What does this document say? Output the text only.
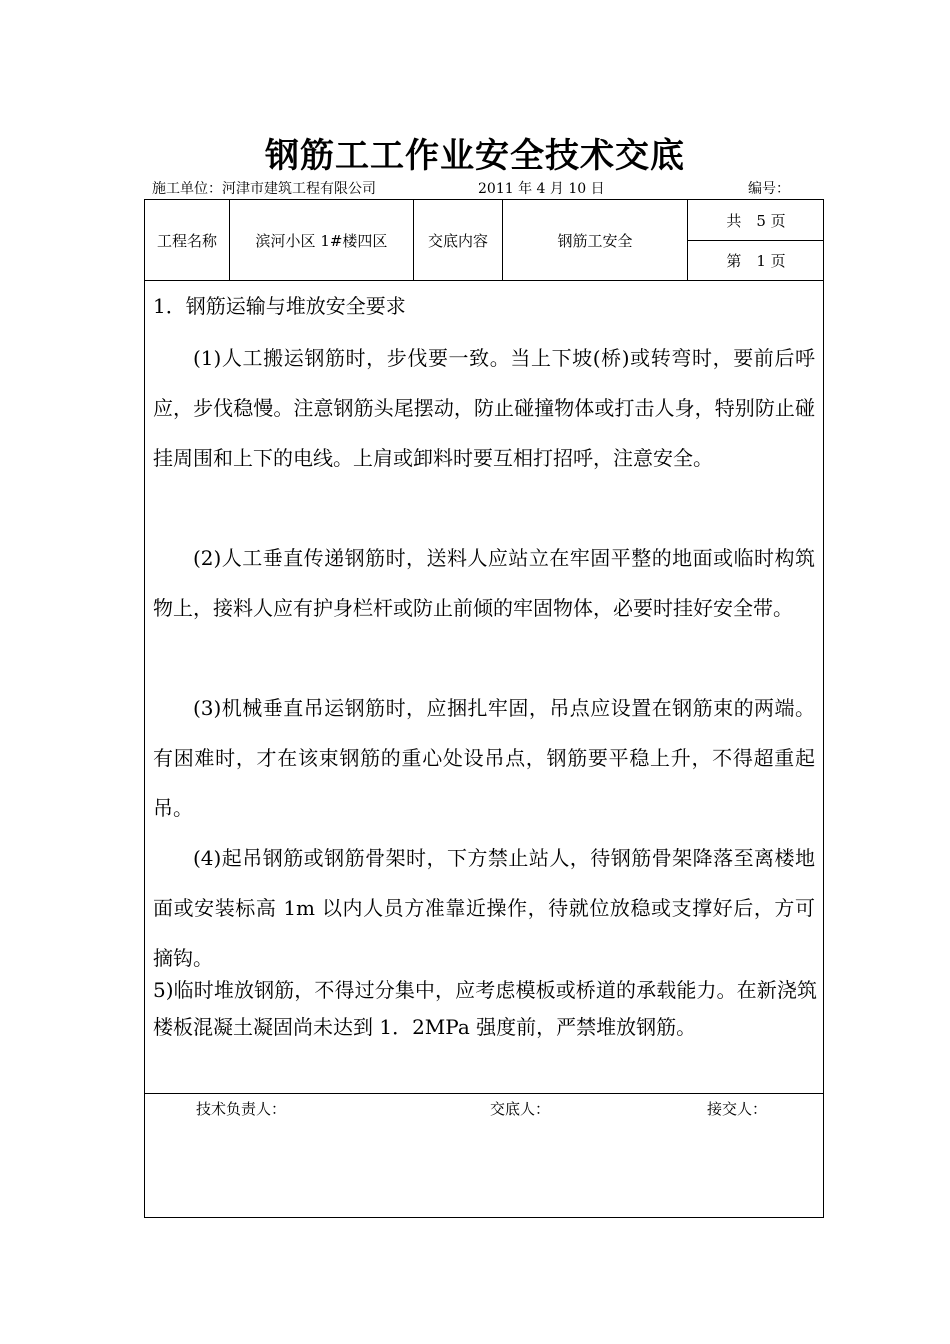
钢筋工工作业安全技术交底
施工单位：河津市建筑工程有限公司	2011 年 4 月 10 日	编号：
工程名称	滨河小区 1#楼四区	交底内容	钢筋工安全
共　5 页
第　1 页
1．钢筋运输与堆放安全要求
(1)人工搬运钢筋时，步伐要一致。当上下坡(桥)或转弯时，要前后呼应，步伐稳慢。注意钢筋头尾摆动，防止碰撞物体或打击人身，特别防止碰挂周围和上下的电线。上肩或卸料时要互相打招呼，注意安全。
(2)人工垂直传递钢筋时，送料人应站立在牢固平整的地面或临时构筑物上，接料人应有护身栏杆或防止前倾的牢固物体，必要时挂好安全带。
(3)机械垂直吊运钢筋时，应捆扎牢固，吊点应设置在钢筋束的两端。有困难时，才在该束钢筋的重心处设吊点，钢筋要平稳上升，不得超重起吊。
(4)起吊钢筋或钢筋骨架时，下方禁止站人，待钢筋骨架降落至离楼地面或安装标高 1m 以内人员方准靠近操作，待就位放稳或支撑好后，方可摘钩。
5)临时堆放钢筋，不得过分集中，应考虑模板或桥道的承载能力。在新浇筑楼板混凝土凝固尚未达到 1．2MPa 强度前，严禁堆放钢筋。
技术负责人：	交底人：	接交人：
